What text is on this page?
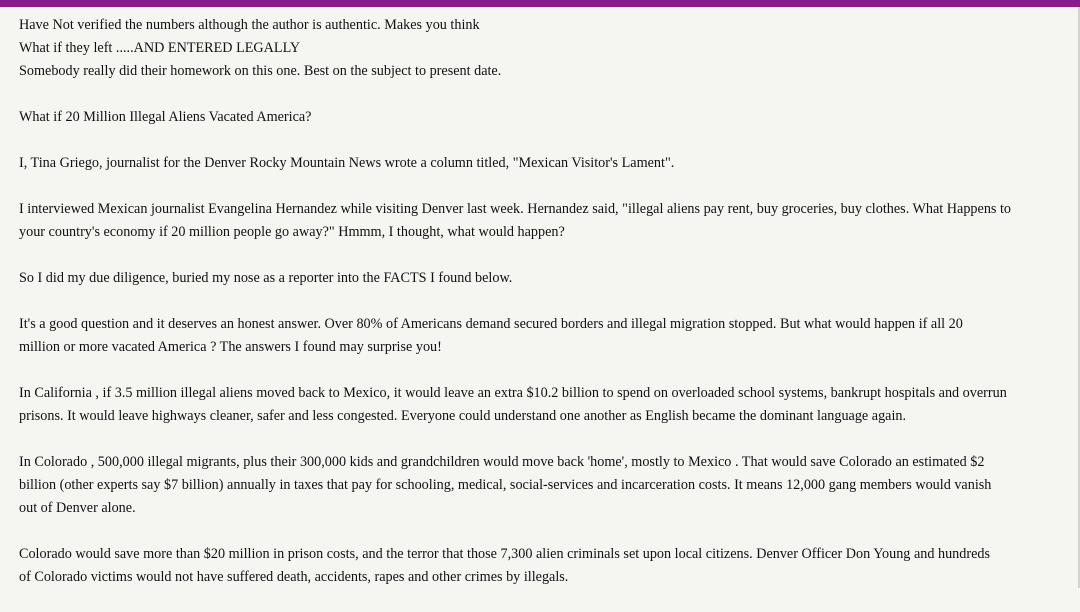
Have Not verified the numbers although the author is authentic. Makes you think
What if they left .....AND ENTERED LEGALLY
Somebody really did their homework on this one. Best on the subject to present date.
What if 20 Million Illegal Aliens Vacated America?
I, Tina Griego, journalist for the Denver Rocky Mountain News wrote a column titled, "Mexican Visitor's Lament".
I interviewed Mexican journalist Evangelina Hernandez while visiting Denver last week. Hernandez said, "illegal aliens pay rent, buy groceries, buy clothes. What Happens to
your country's economy if 20 million people go away?" Hmmm, I thought, what would happen?
So I did my due diligence, buried my nose as a reporter into the FACTS I found below.
It's a good question and it deserves an honest answer. Over 80% of Americans demand secured borders and illegal migration stopped. But what would happen if all 20
million or more vacated America ? The answers I found may surprise you!
In California , if 3.5 million illegal aliens moved back to Mexico, it would leave an extra $10.2 billion to spend on overloaded school systems, bankrupt hospitals and overrun
prisons. It would leave highways cleaner, safer and less congested. Everyone could understand one another as English became the dominant language again.
In Colorado , 500,000 illegal migrants, plus their 300,000 kids and grandchildren would move back 'home', mostly to Mexico . That would save Colorado an estimated $2
billion (other experts say $7 billion) annually in taxes that pay for schooling, medical, social-services and incarceration costs. It means 12,000 gang members would vanish
out of Denver alone.
Colorado would save more than $20 million in prison costs, and the terror that those 7,300 alien criminals set upon local citizens. Denver Officer Don Young and hundreds
of Colorado victims would not have suffered death, accidents, rapes and other crimes by illegals.
